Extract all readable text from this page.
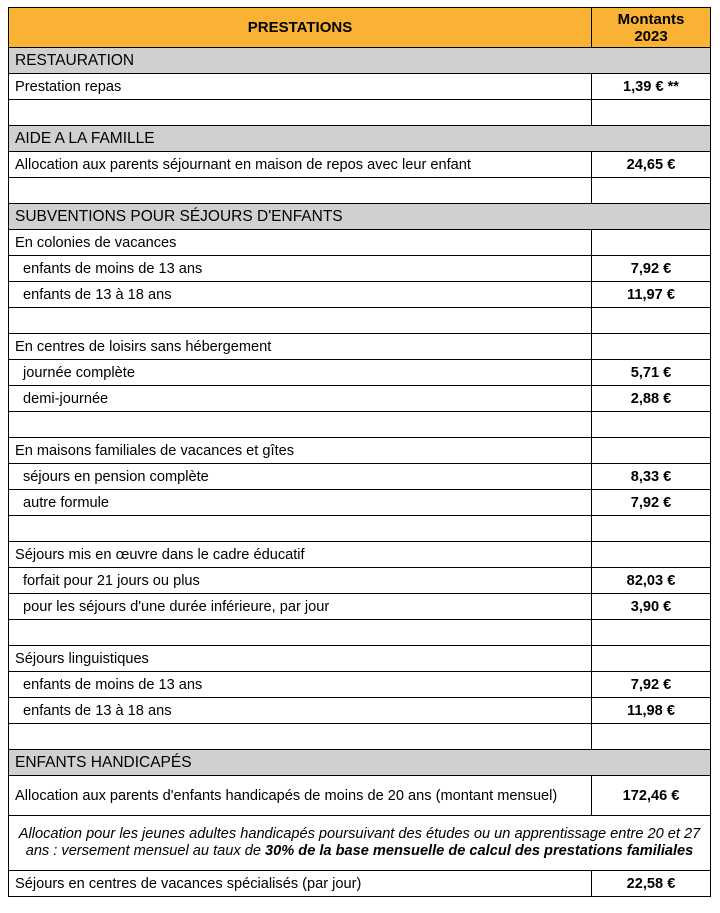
PRESTATIONS	Montants
2023
RESTAURATION	
Prestation repas	1,39 € **

AIDE A LA FAMILLE	
Allocation aux parents séjournant en maison de repos avec leur enfant	24,65 €

SUBVENTIONS POUR SÉJOURS D'ENFANTS	
En colonies de vacances	
enfants de moins de 13 ans	7,92 €
enfants de 13 à 18 ans	11,97 €

En centres de loisirs sans hébergement	
journée complète	5,71 €
demi-journée	2,88 €

En maisons familiales de vacances et gîtes	
séjours en pension complète	8,33 €
autre formule	7,92 €

Séjours mis en œuvre dans le cadre éducatif	
forfait pour 21 jours ou plus	82,03 €
pour les séjours d'une durée inférieure, par jour	3,90 €

Séjours linguistiques	
enfants de moins de 13 ans	7,92 €
enfants de 13 à 18 ans	11,98 €

ENFANTS HANDICAPÉS	
Allocation aux parents d'enfants handicapés de moins de 20 ans (montant mensuel)	172,46 €
Allocation pour les jeunes adultes handicapés poursuivant des études ou un apprentissage entre 20 et 27 ans : versement mensuel au taux de 30% de la base mensuelle de calcul des prestations familiales	
Séjours en centres de vacances spécialisés (par jour)	22,58 €
